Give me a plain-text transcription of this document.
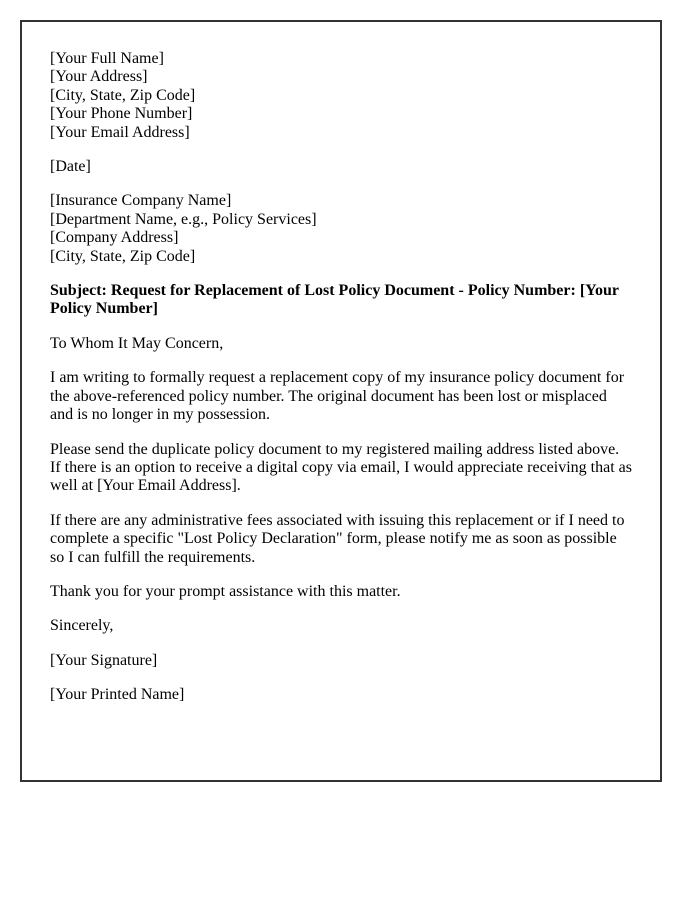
[Your Full Name]
[Your Address]
[City, State, Zip Code]
[Your Phone Number]
[Your Email Address]
[Date]
[Insurance Company Name]
[Department Name, e.g., Policy Services]
[Company Address]
[City, State, Zip Code]
Subject: Request for Replacement of Lost Policy Document - Policy Number: [Your Policy Number]
To Whom It May Concern,
I am writing to formally request a replacement copy of my insurance policy document for the above-referenced policy number. The original document has been lost or misplaced and is no longer in my possession.
Please send the duplicate policy document to my registered mailing address listed above. If there is an option to receive a digital copy via email, I would appreciate receiving that as well at [Your Email Address].
If there are any administrative fees associated with issuing this replacement or if I need to complete a specific "Lost Policy Declaration" form, please notify me as soon as possible so I can fulfill the requirements.
Thank you for your prompt assistance with this matter.
Sincerely,
[Your Signature]
[Your Printed Name]
